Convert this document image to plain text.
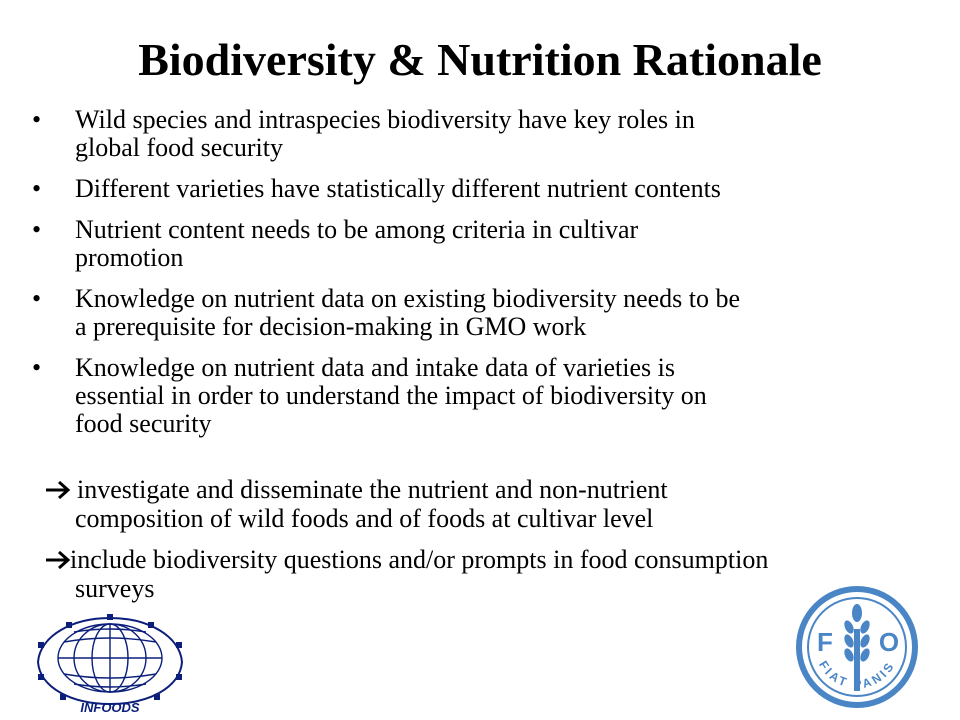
Biodiversity & Nutrition Rationale
• Wild species and intraspecies biodiversity have key roles in
global food security
• Different varieties have statistically different nutrient contents
• Nutrient content needs to be among criteria in cultivar
promotion
• Knowledge on nutrient data on existing biodiversity needs to be
a prerequisite for decision-making in GMO work
• Knowledge on nutrient data and intake data of varieties is
essential in order to understand the impact of biodiversity on
food security
investigate and disseminate the nutrient and non-nutrient
composition of wild foods and of foods at cultivar level
include biodiversity questions and/or prompts in food consumption
surveys
INFOODS
F O
FIAT PANIS
